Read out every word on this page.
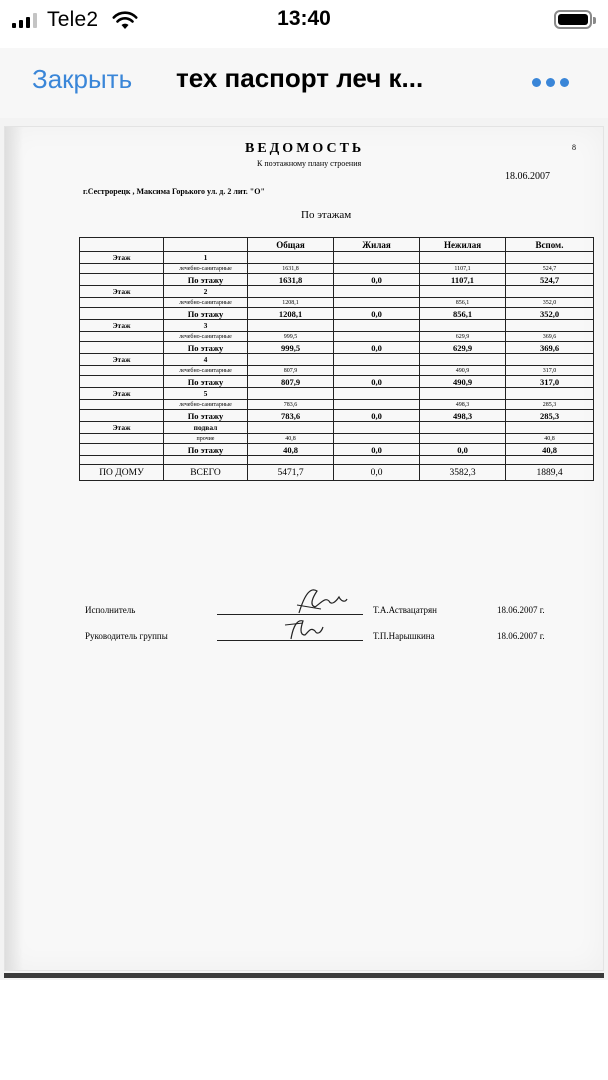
Tele2	13:40
Закрыть тех паспорт леч к...
ВЕДОМОСТЬ	8
К поэтажному плану строения
18.06.2007
г.Сестрорецк , Максима Горького ул. д. 2 лит. "О"
По этажам
		Общая	Жилая	Нежилая	Вспом.
Этаж	1				
	лечебно-санитарные	1631,8		1107,1	524,7
	По этажу	1631,8	0,0	1107,1	524,7
Этаж	2				
	лечебно-санитарные	1208,1		856,1	352,0
	По этажу	1208,1	0,0	856,1	352,0
Этаж	3				
	лечебно-санитарные	999,5		629,9	369,6
	По этажу	999,5	0,0	629,9	369,6
Этаж	4				
	лечебно-санитарные	807,9		490,9	317,0
	По этажу	807,9	0,0	490,9	317,0
Этаж	5				
	лечебно-санитарные	783,6		498,3	285,3
	По этажу	783,6	0,0	498,3	285,3
Этаж	подвал				
	прочие	40,8			40,8
	По этажу	40,8	0,0	0,0	40,8

ПО ДОМУ	ВСЕГО	5471,7	0,0	3582,3	1889,4
Исполнитель	Т.А.Аствацатрян	18.06.2007 г.
Руководитель группы	Т.П.Нарышкина	18.06.2007 г.
